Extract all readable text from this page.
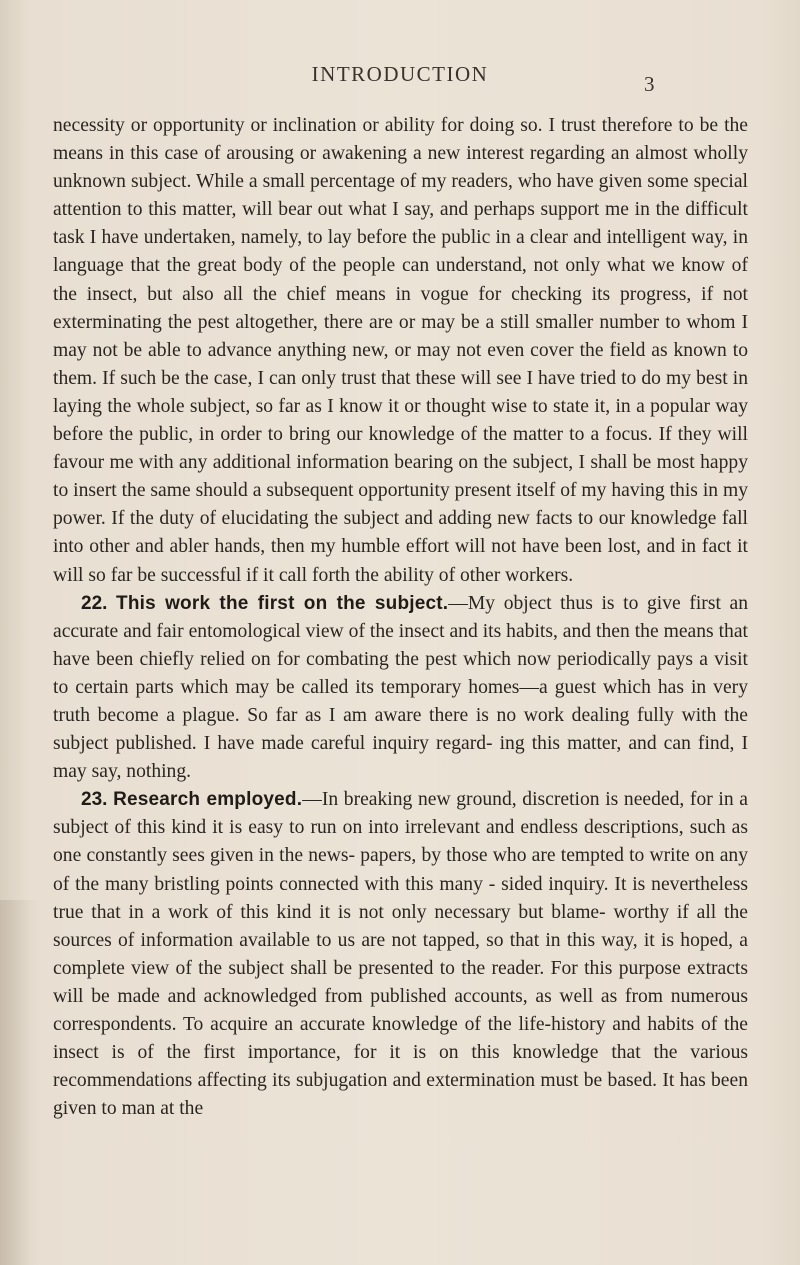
INTRODUCTION	3

necessity or opportunity or inclination or ability for doing so. I trust therefore to be the means in this case of arousing or awakening a new interest regarding an almost wholly unknown subject. While a small percentage of my readers, who have given some special attention to this matter, will bear out what I say, and perhaps support me in the difficult task I have undertaken, namely, to lay before the public in a clear and intelligent way, in language that the great body of the people can understand, not only what we know of the insect, but also all the chief means in vogue for checking its progress, if not exterminating the pest altogether, there are or may be a still smaller number to whom I may not be able to advance anything new, or may not even cover the field as known to them. If such be the case, I can only trust that these will see I have tried to do my best in laying the whole subject, so far as I know it or thought wise to state it, in a popular way before the public, in order to bring our knowledge of the matter to a focus. If they will favour me with any additional information bearing on the subject, I shall be most happy to insert the same should a subsequent opportunity present itself of my having this in my power. If the duty of elucidating the subject and adding new facts to our knowledge fall into other and abler hands, then my humble effort will not have been lost, and in fact it will so far be successful if it call forth the ability of other workers.

22. This work the first on the subject.—My object thus is to give first an accurate and fair entomological view of the insect and its habits, and then the means that have been chiefly relied on for combating the pest which now periodically pays a visit to certain parts which may be called its temporary homes—a guest which has in very truth become a plague. So far as I am aware there is no work dealing fully with the subject published. I have made careful inquiry regard- ing this matter, and can find, I may say, nothing.

23. Research employed.—In breaking new ground, discretion is needed, for in a subject of this kind it is easy to run on into irrelevant and endless descriptions, such as one constantly sees given in the news- papers, by those who are tempted to write on any of the many bristling points connected with this many - sided inquiry. It is nevertheless true that in a work of this kind it is not only necessary but blame- worthy if all the sources of information available to us are not tapped, so that in this way, it is hoped, a complete view of the subject shall be presented to the reader. For this purpose extracts will be made and acknowledged from published accounts, as well as from numerous correspondents. To acquire an accurate knowledge of the life-history and habits of the insect is of the first importance, for it is on this knowledge that the various recommendations affecting its subjugation and extermination must be based. It has been given to man at the
